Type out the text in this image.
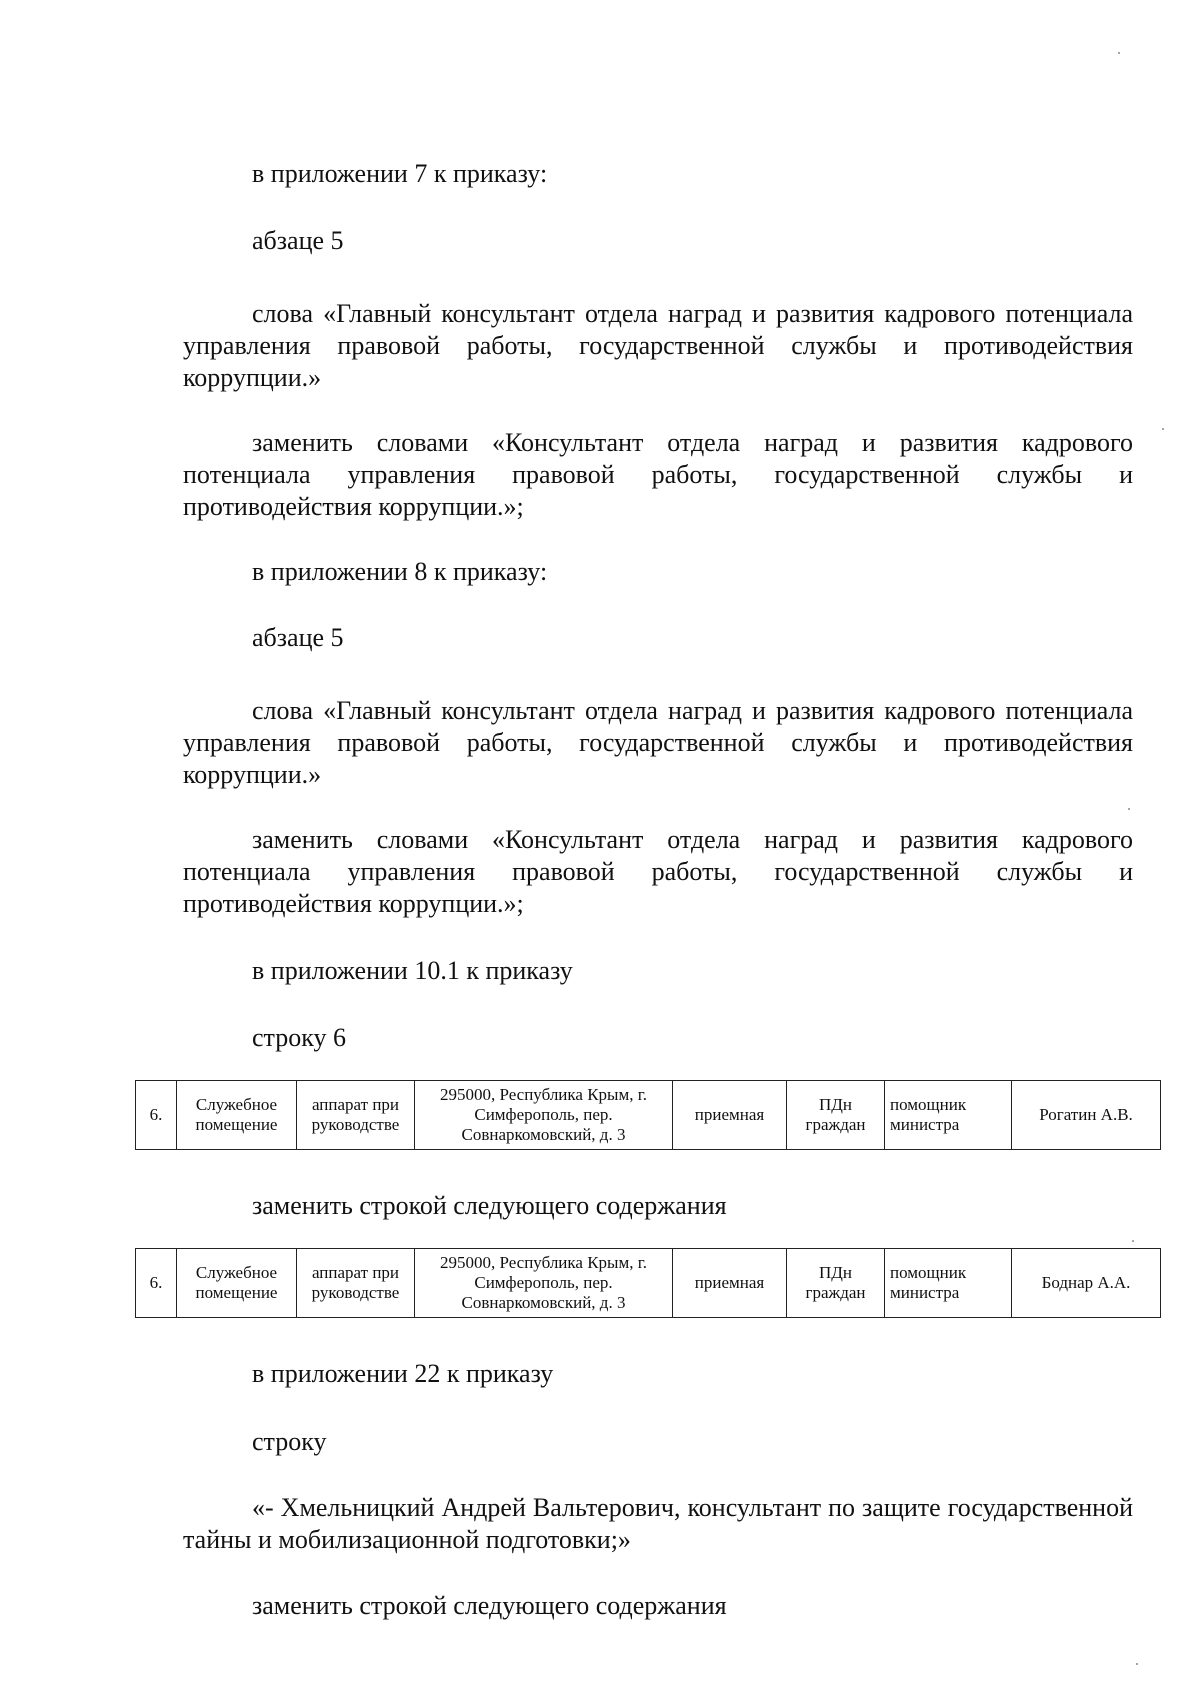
в приложении 7 к приказу:

абзаце 5

слова «Главный консультант отдела наград и развития кадрового потенциала управления правовой работы, государственной службы и противодействия коррупции.»

заменить словами «Консультант отдела наград и развития кадрового потенциала управления правовой работы, государственной службы и противодействия коррупции.»;

в приложении 8 к приказу:

абзаце 5

слова «Главный консультант отдела наград и развития кадрового потенциала управления правовой работы, государственной службы и противодействия коррупции.»

заменить словами «Консультант отдела наград и развития кадрового потенциала управления правовой работы, государственной службы и противодействия коррупции.»;

в приложении 10.1 к приказу

строку 6

6.	Служебное помещение	аппарат при руководстве	295000, Республика Крым, г. Симферополь, пер. Совнаркомовский, д. 3	приемная	ПДн граждан	помощник министра	Рогатин А.В.

заменить строкой следующего содержания

6.	Служебное помещение	аппарат при руководстве	295000, Республика Крым, г. Симферополь, пер. Совнаркомовский, д. 3	приемная	ПДн граждан	помощник министра	Боднар А.А.

в приложении 22 к приказу

строку

«- Хмельницкий Андрей Вальтерович, консультант по защите государственной тайны и мобилизационной подготовки;»

заменить строкой следующего содержания
